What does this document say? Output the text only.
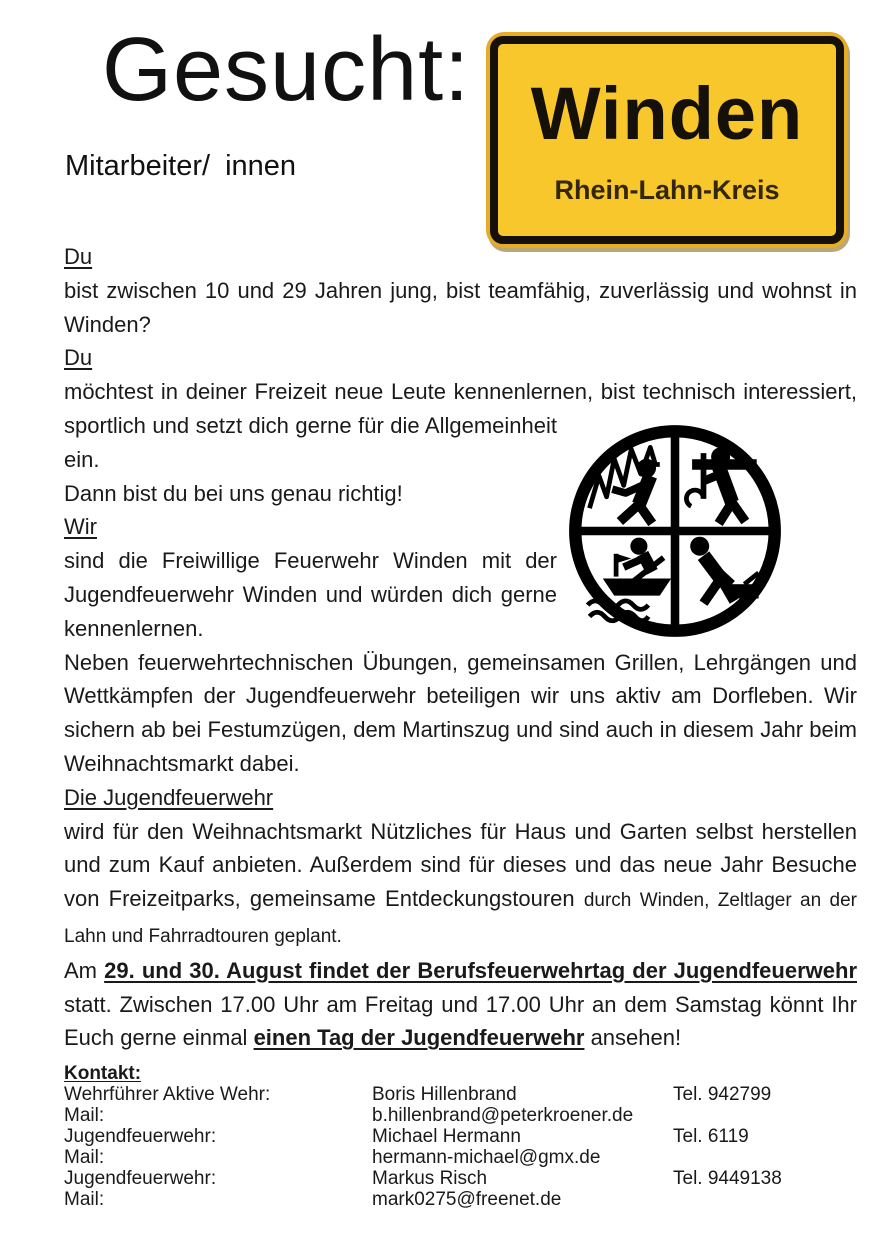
Gesucht:
Mitarbeiter/ innen
Winden
Rhein-Lahn-Kreis

Du

bist zwischen 10 und 29 Jahren jung, bist teamfähig, zuverlässig und wohnst in Winden?

Du

möchtest in deiner Freizeit neue Leute kennenlernen, bist technisch interessiert,

sportlich und setzt dich gerne für die Allgemeinheit ein.

Dann bist du bei uns genau richtig!

Wir

sind die Freiwillige Feuerwehr Winden mit der Jugendfeuerwehr Winden und würden dich gerne kennenlernen.

Neben feuerwehrtechnischen Übungen, gemeinsamen Grillen, Lehrgängen und Wettkämpfen der Jugendfeuerwehr beteiligen wir uns aktiv am Dorfleben. Wir sichern ab bei Festumzügen, dem Martinszug und sind auch in diesem Jahr beim Weihnachtsmarkt dabei.

Die Jugendfeuerwehr

wird für den Weihnachtsmarkt Nützliches für Haus und Garten selbst herstellen und zum Kauf anbieten. Außerdem sind für dieses und das neue Jahr Besuche von Freizeitparks, gemeinsame Entdeckungstouren durch Winden, Zeltlager an der Lahn und Fahrradtouren geplant.

Am 29. und 30. August findet der Berufsfeuerwehrtag der Jugendfeuerwehr statt. Zwischen 17.00 Uhr am Freitag und 17.00 Uhr an dem Samstag könnt Ihr Euch gerne einmal einen Tag der Jugendfeuerwehr ansehen!

Kontakt:
Wehrführer Aktive Wehr:	Boris Hillenbrand	Tel. 942799
Mail:	b.hillenbrand@peterkroener.de
Jugendfeuerwehr:	Michael Hermann	Tel. 6119
Mail:	hermann-michael@gmx.de
Jugendfeuerwehr:	Markus Risch	Tel. 9449138
Mail:	mark0275@freenet.de
